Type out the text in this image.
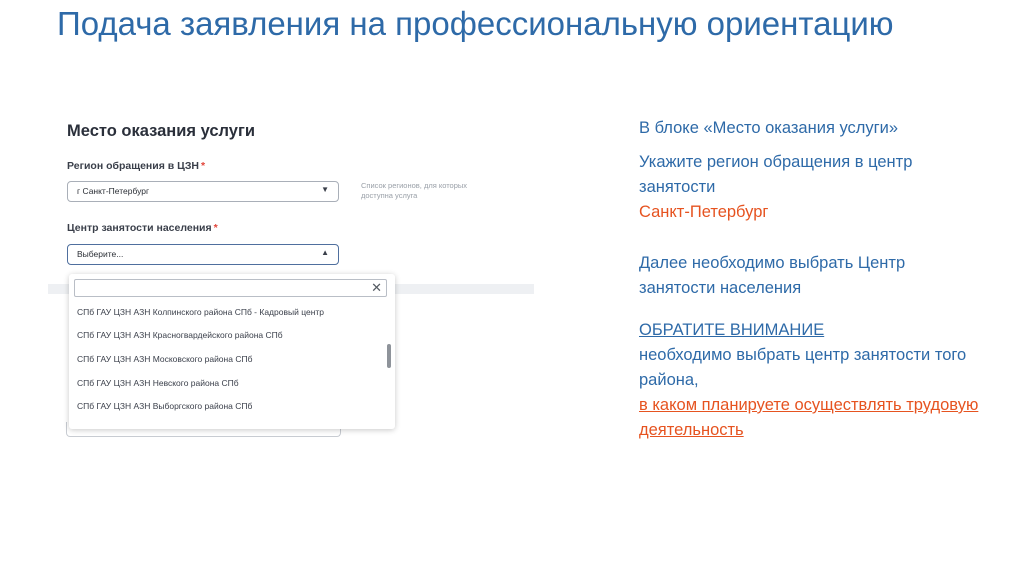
Подача заявления на профессиональную ориентацию
Место оказания услуги
Регион обращения в ЦЗН *
г Санкт-Петербург	▼	Список регионов, для которых доступна услуга
Центр занятости населения *
Выберите...	▲
✕
СПб ГАУ ЦЗН АЗН Колпинского района СПб - Кадровый центр
СПб ГАУ ЦЗН АЗН Красногвардейского района СПб
СПб ГАУ ЦЗН АЗН Московского района СПб
СПб ГАУ ЦЗН АЗН Невского района СПб
СПб ГАУ ЦЗН АЗН Выборгского района СПб
В блоке «Место оказания услуги»
Укажите регион обращения в центр занятости
Санкт-Петербург
Далее необходимо выбрать Центр занятости населения
ОБРАТИТЕ ВНИМАНИЕ
необходимо выбрать центр занятости того района,
в каком планируете осуществлять трудовую деятельность
